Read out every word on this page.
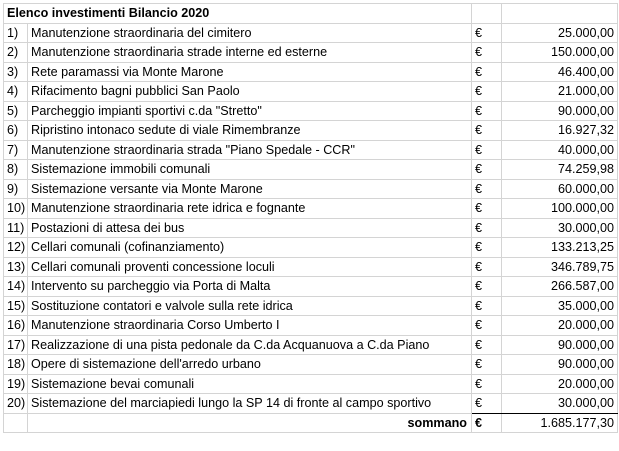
Elenco investimenti Bilancio 2020			
1)	Manutenzione straordinaria del cimitero	€	25.000,00
2)	Manutenzione straordinaria strade interne ed esterne	€	150.000,00
3)	Rete paramassi via Monte Marone	€	46.400,00
4)	Rifacimento bagni pubblici San Paolo	€	21.000,00
5)	Parcheggio impianti sportivi c.da "Stretto"	€	90.000,00
6)	Ripristino intonaco sedute di viale Rimembranze	€	16.927,32
7)	Manutenzione straordinaria strada "Piano Spedale - CCR"	€	40.000,00
8)	Sistemazione immobili comunali	€	74.259,98
9)	Sistemazione versante via Monte Marone	€	60.000,00
10)	Manutenzione straordinaria rete idrica e fognante	€	100.000,00
11)	Postazioni di attesa dei bus	€	30.000,00
12)	Cellari comunali (cofinanziamento)	€	133.213,25
13)	Cellari comunali proventi concessione loculi	€	346.789,75
14)	Intervento su parcheggio via Porta di Malta	€	266.587,00
15)	Sostituzione contatori e valvole sulla rete idrica	€	35.000,00
16)	Manutenzione straordinaria Corso Umberto I	€	20.000,00
17)	Realizzazione di una pista pedonale da C.da Acquanuova a C.da Piano	€	90.000,00
18)	Opere di sistemazione dell'arredo urbano	€	90.000,00
19)	Sistemazione bevai comunali	€	20.000,00
20)	Sistemazione del marciapiedi lungo la SP 14 di fronte al campo sportivo	€	30.000,00
	sommano	€	1.685.177,30
